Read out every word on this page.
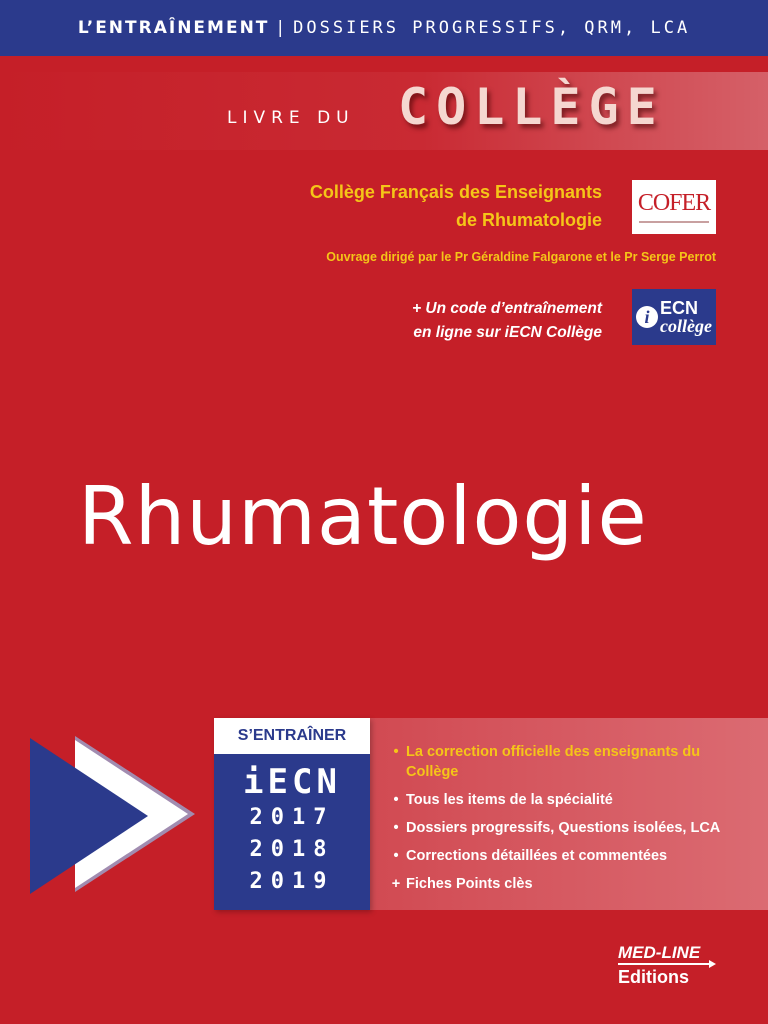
L’ENTRAÎNEMENT | DOSSIERS PROGRESSIFS, QRM, LCA
LIVRE DU COLLÈGE
Collège Français des Enseignants
de Rhumatologie
COFER
Ouvrage dirigé par le Pr Géraldine Falgarone et le Pr Serge Perrot
+ Un code d’entraînement
en ligne sur iECN Collège
i ECN
collège
Rhumatologie
S’ENTRAÎNER
iECN
2017
2018
2019
• La correction officielle des enseignants du Collège
• Tous les items de la spécialité
• Dossiers progressifs, Questions isolées, LCA
• Corrections détaillées et commentées
+ Fiches Points clès
MED-LINE
Editions
